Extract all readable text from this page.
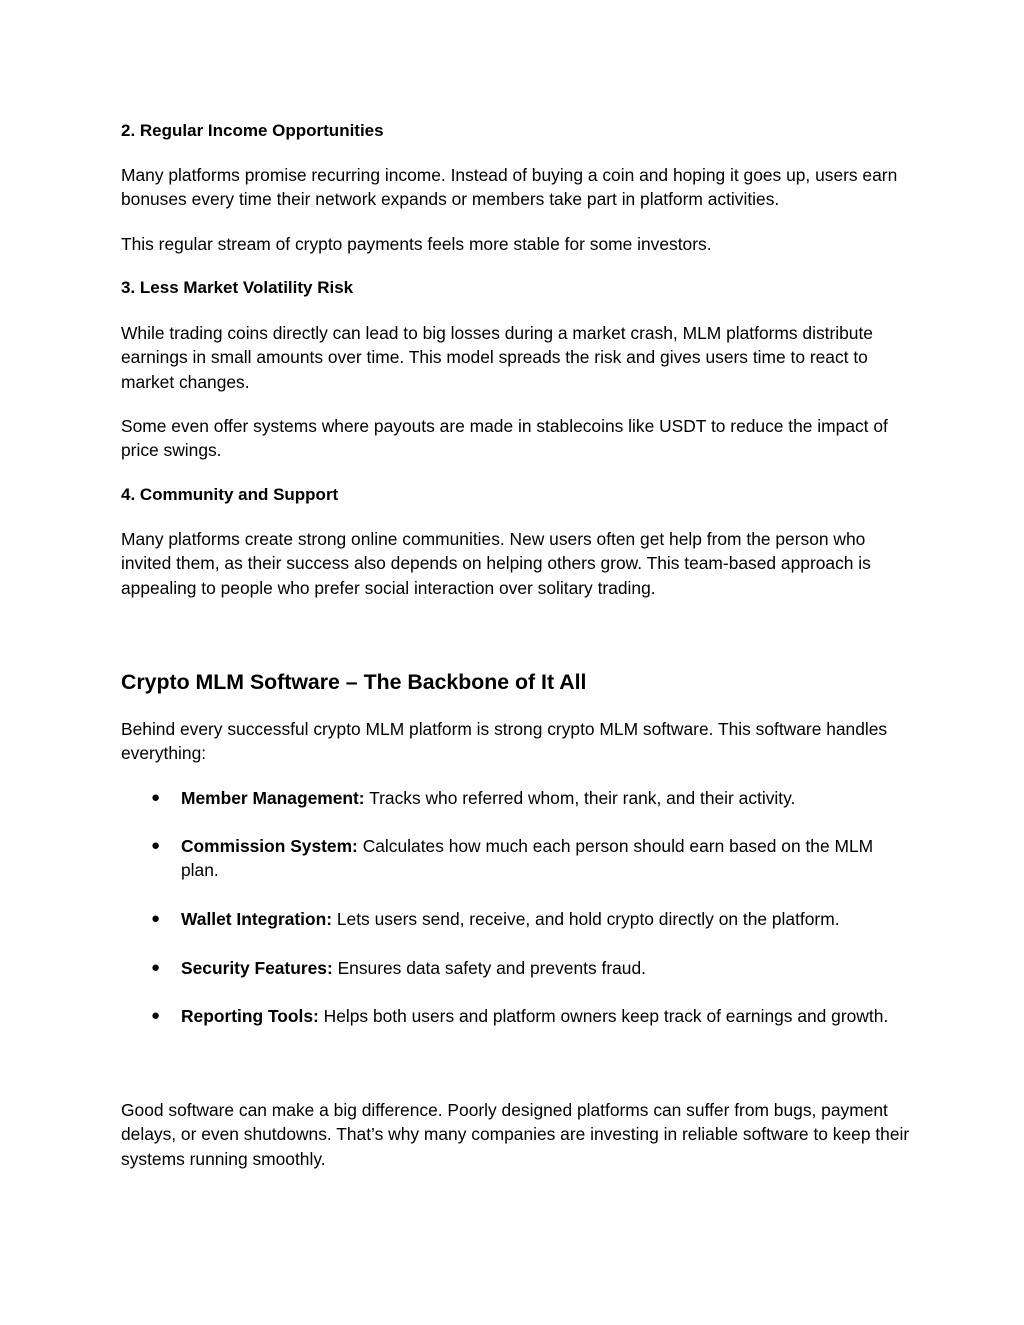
2. Regular Income Opportunities
Many platforms promise recurring income. Instead of buying a coin and hoping it goes up, users earn bonuses every time their network expands or members take part in platform activities.
This regular stream of crypto payments feels more stable for some investors.
3. Less Market Volatility Risk
While trading coins directly can lead to big losses during a market crash, MLM platforms distribute earnings in small amounts over time. This model spreads the risk and gives users time to react to market changes.
Some even offer systems where payouts are made in stablecoins like USDT to reduce the impact of price swings.
4. Community and Support
Many platforms create strong online communities. New users often get help from the person who invited them, as their success also depends on helping others grow. This team-based approach is appealing to people who prefer social interaction over solitary trading.
Crypto MLM Software – The Backbone of It All
Behind every successful crypto MLM platform is strong crypto MLM software. This software handles everything:
● Member Management: Tracks who referred whom, their rank, and their activity.
● Commission System: Calculates how much each person should earn based on the MLM plan.
● Wallet Integration: Lets users send, receive, and hold crypto directly on the platform.
● Security Features: Ensures data safety and prevents fraud.
● Reporting Tools: Helps both users and platform owners keep track of earnings and growth.
Good software can make a big difference. Poorly designed platforms can suffer from bugs, payment delays, or even shutdowns. That’s why many companies are investing in reliable software to keep their systems running smoothly.
